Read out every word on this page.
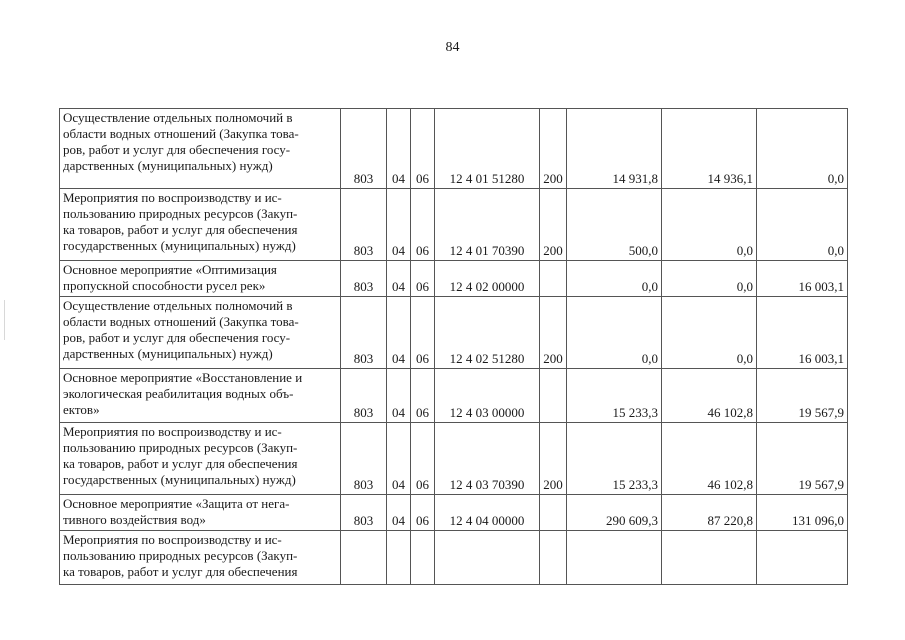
84
Осуществление отдельных полномочий в
области водных отношений (Закупка това-
ров, работ и услуг для обеспечения госу-
дарственных (муниципальных) нужд)	803	04	06	12 4 01 51280	200	14 931,8	14 936,1	0,0

Мероприятия по воспроизводству и ис-
пользованию природных ресурсов (Закуп-
ка товаров, работ и услуг для обеспечения
государственных (муниципальных) нужд)	803	04	06	12 4 01 70390	200	500,0	0,0	0,0

Основное мероприятие «Оптимизация
пропускной способности русел рек»	803	04	06	12 4 02 00000		0,0	0,0	16 003,1

Осуществление отдельных полномочий в
области водных отношений (Закупка това-
ров, работ и услуг для обеспечения госу-
дарственных (муниципальных) нужд)	803	04	06	12 4 02 51280	200	0,0	0,0	16 003,1

Основное мероприятие «Восстановление и
экологическая реабилитация водных объ-
ектов»	803	04	06	12 4 03 00000		15 233,3	46 102,8	19 567,9

Мероприятия по воспроизводству и ис-
пользованию природных ресурсов (Закуп-
ка товаров, работ и услуг для обеспечения
государственных (муниципальных) нужд)	803	04	06	12 4 03 70390	200	15 233,3	46 102,8	19 567,9

Основное мероприятие «Защита от нега-
тивного воздействия вод»	803	04	06	12 4 04 00000		290 609,3	87 220,8	131 096,0

Мероприятия по воспроизводству и ис-
пользованию природных ресурсов (Закуп-
ка товаров, работ и услуг для обеспечения								
